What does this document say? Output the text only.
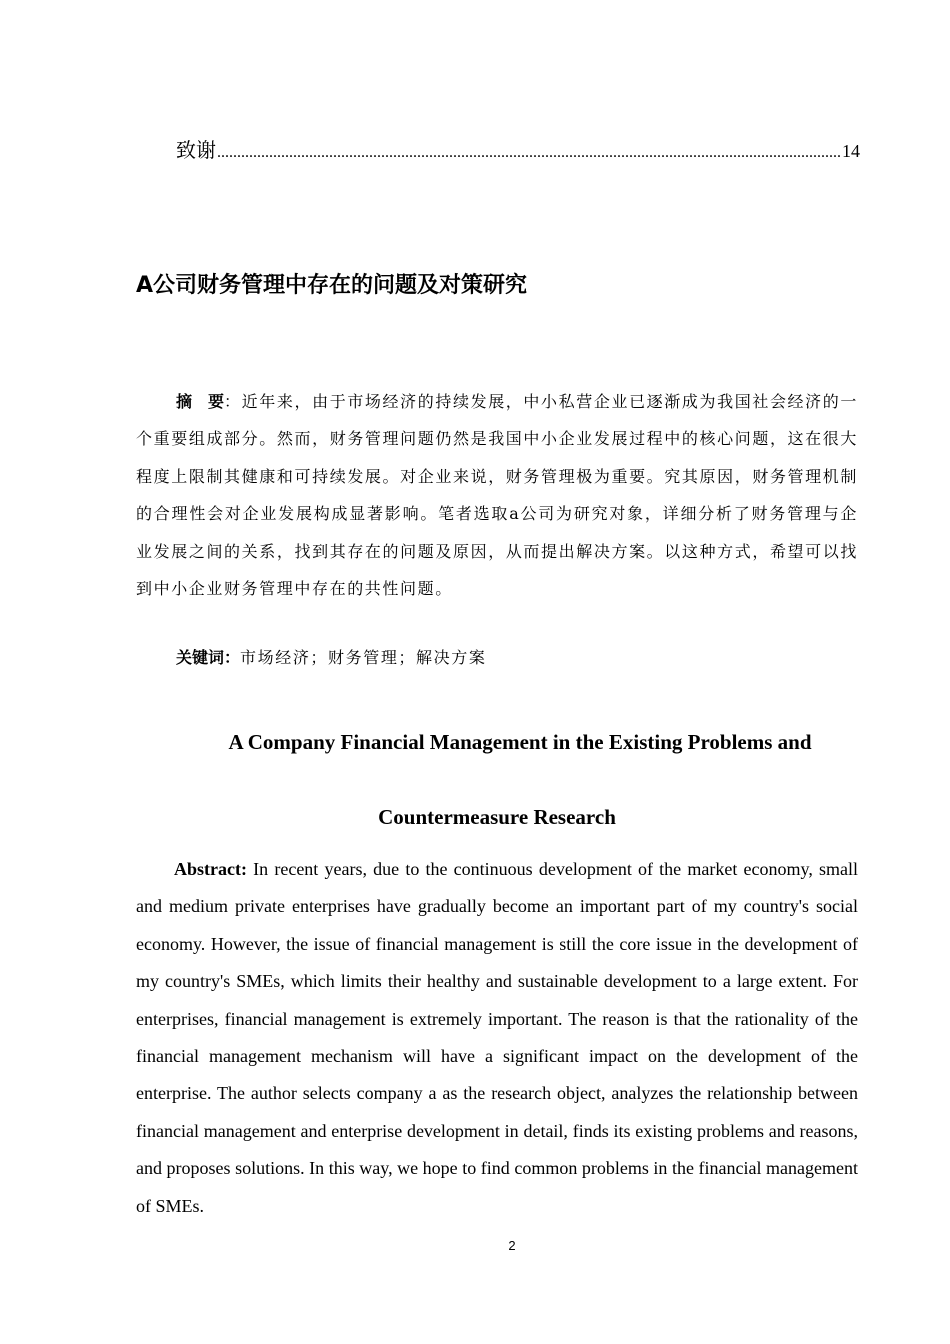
致谢
.....	14
A公司财务管理中存在的问题及对策研究
摘　要：近年来，由于市场经济的持续发展，中小私营企业已逐渐成为我国社会经济的一个重要组成部分。然而，财务管理问题仍然是我国中小企业发展过程中的核心问题，这在很大程度上限制其健康和可持续发展。对企业来说，财务管理极为重要。究其原因，财务管理机制的合理性会对企业发展构成显著影响。笔者选取a公司为研究对象，详细分析了财务管理与企业发展之间的关系，找到其存在的问题及原因，从而提出解决方案。以这种方式，希望可以找到中小企业财务管理中存在的共性问题。
关键词：市场经济；财务管理；解决方案
A Company Financial Management in the Existing Problems and
Countermeasure Research
Abstract: In recent years, due to the continuous development of the market economy, small and medium private enterprises have gradually become an important part of my country's social economy. However, the issue of financial management is still the core issue in the development of my country's SMEs, which limits their healthy and sustainable development to a large extent. For enterprises, financial management is extremely important. The reason is that the rationality of the financial management mechanism will have a significant impact on the development of the enterprise. The author selects company a as the research object, analyzes the relationship between financial management and enterprise development in detail, finds its existing problems and reasons, and proposes solutions. In this way, we hope to find common problems in the financial management of SMEs.
2
